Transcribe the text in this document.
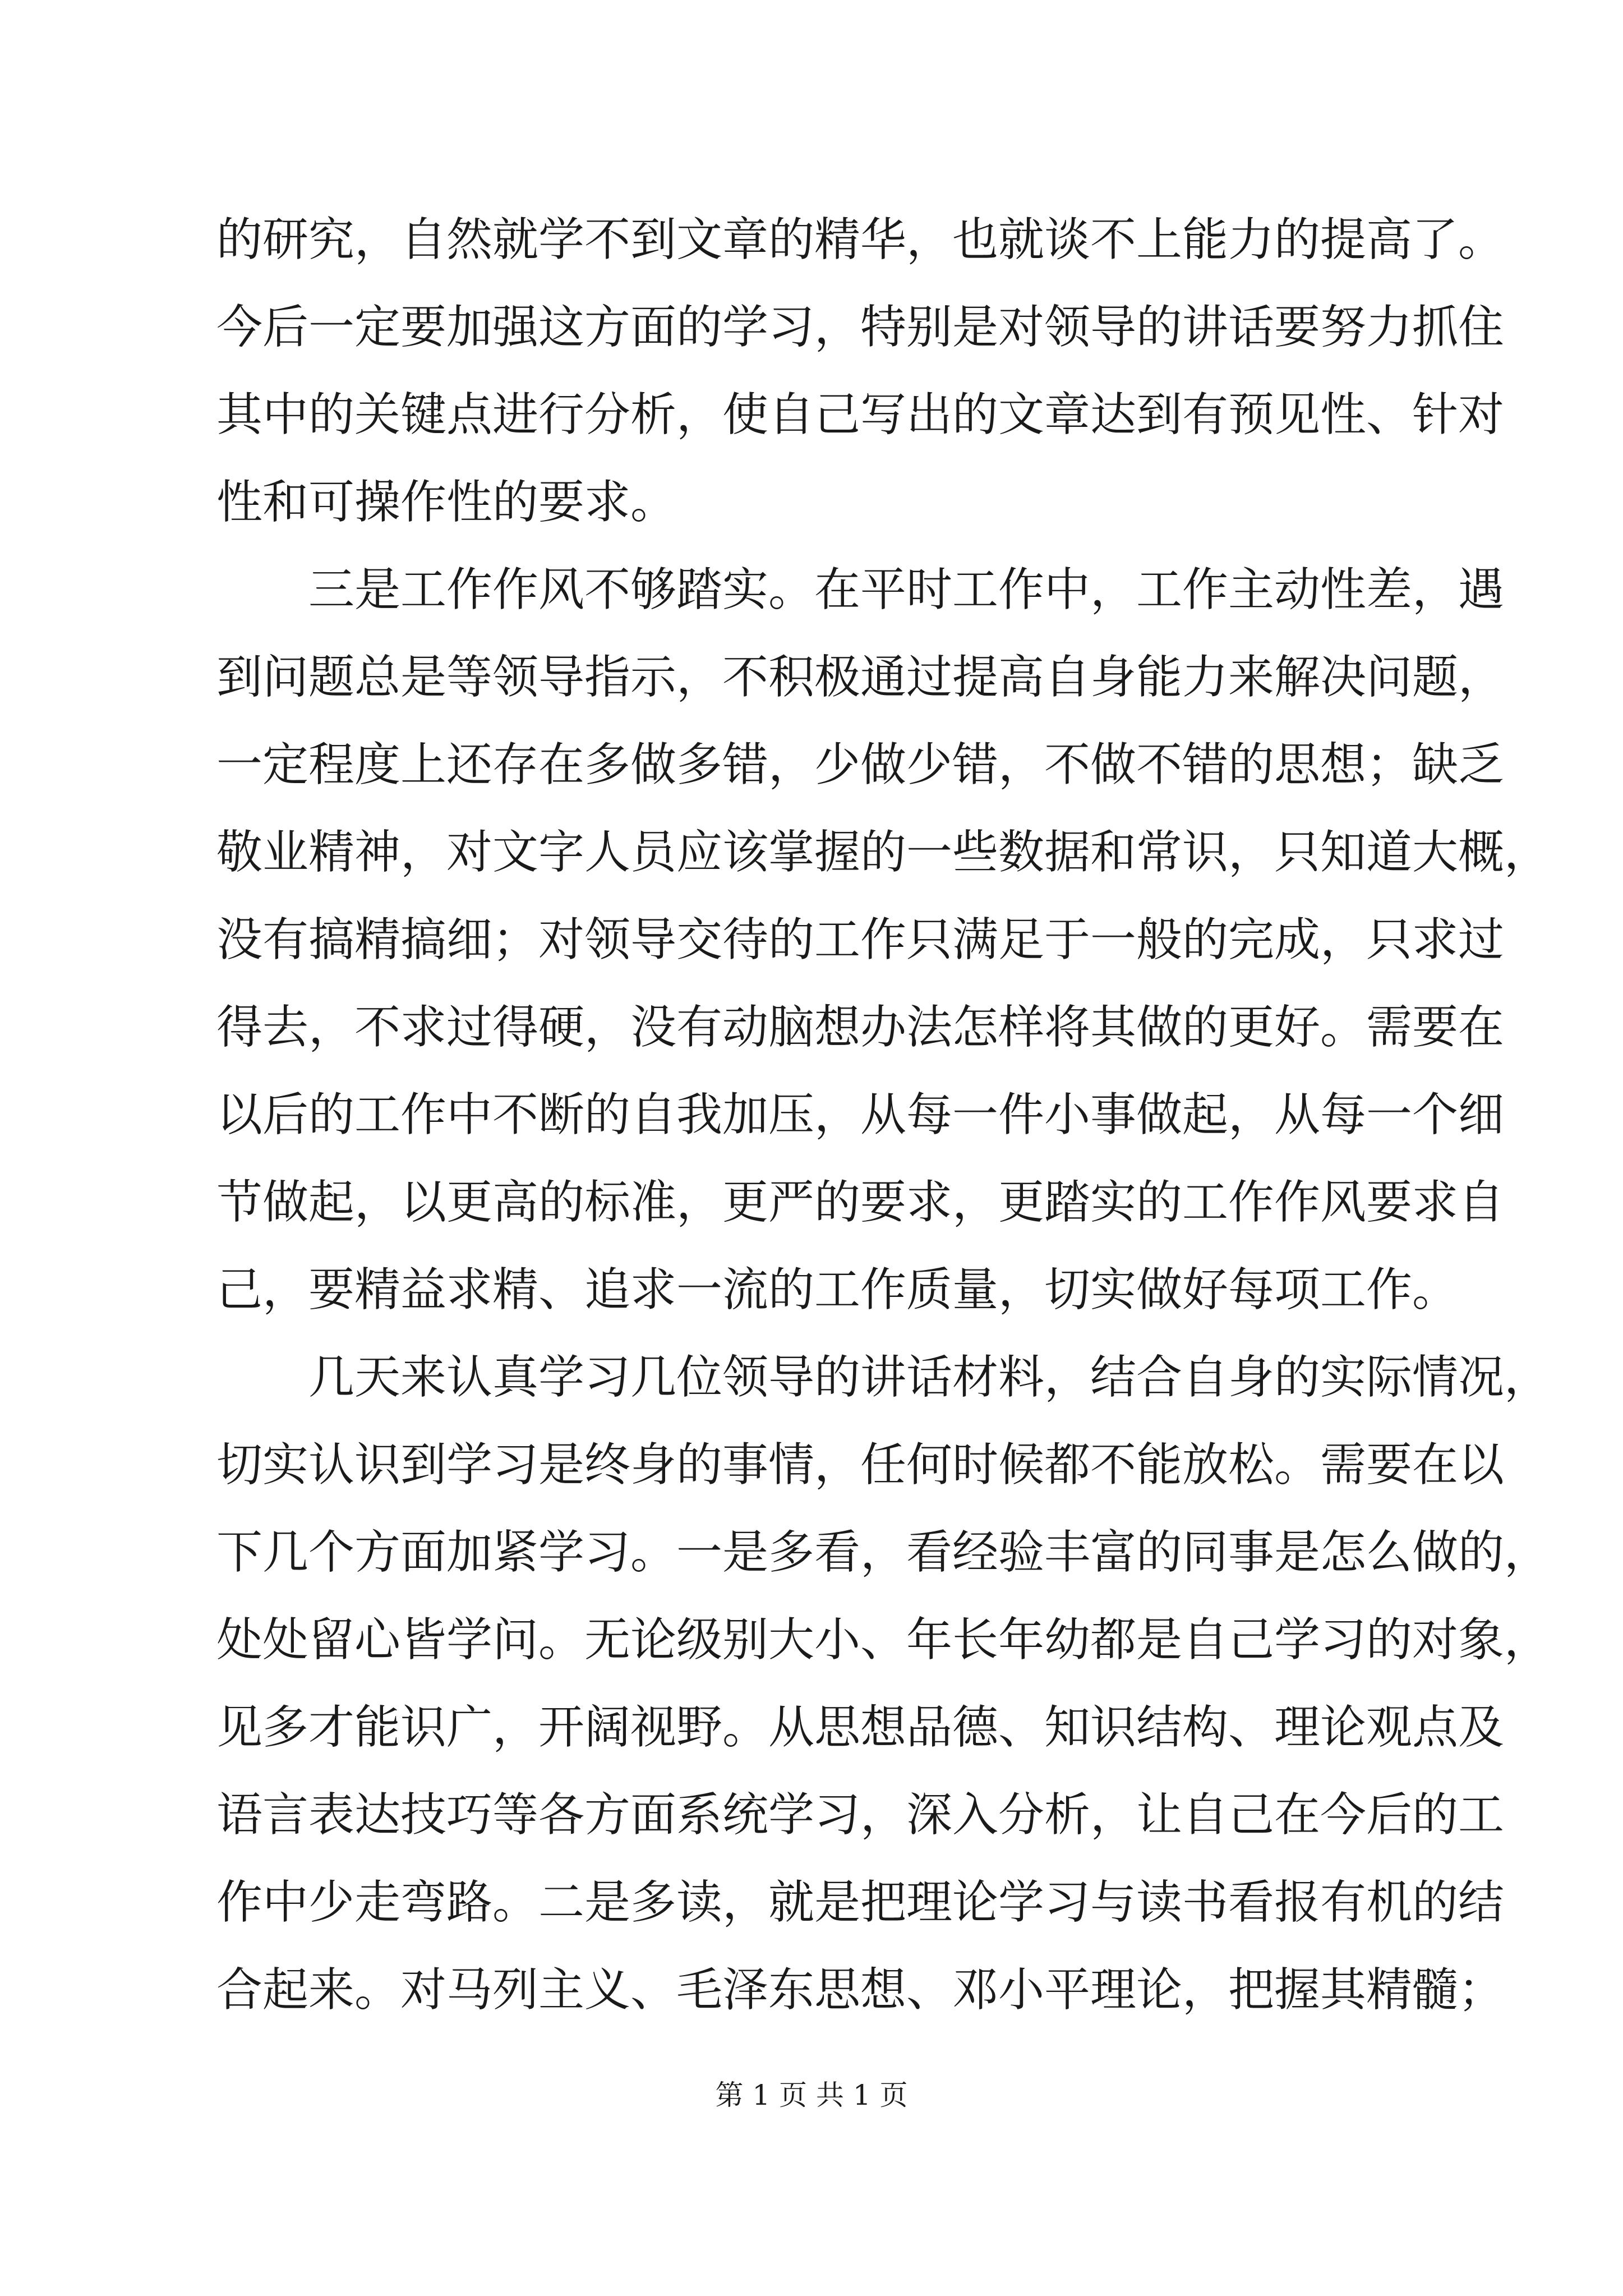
的研究，自然就学不到文章的精华，也就谈不上能力的提高了。
今后一定要加强这方面的学习，特别是对领导的讲话要努力抓住
其中的关键点进行分析，使自己写出的文章达到有预见性、针对
性和可操作性的要求。
三是工作作风不够踏实。在平时工作中，工作主动性差，遇
到问题总是等领导指示，不积极通过提高自身能力来解决问题，
一定程度上还存在多做多错，少做少错，不做不错的思想；缺乏
敬业精神，对文字人员应该掌握的一些数据和常识，只知道大概，
没有搞精搞细；对领导交待的工作只满足于一般的完成，只求过
得去，不求过得硬，没有动脑想办法怎样将其做的更好。需要在
以后的工作中不断的自我加压，从每一件小事做起，从每一个细
节做起，以更高的标准，更严的要求，更踏实的工作作风要求自
己，要精益求精、追求一流的工作质量，切实做好每项工作。
几天来认真学习几位领导的讲话材料，结合自身的实际情况，
切实认识到学习是终身的事情，任何时候都不能放松。需要在以
下几个方面加紧学习。一是多看，看经验丰富的同事是怎么做的，
处处留心皆学问。无论级别大小、年长年幼都是自己学习的对象，
见多才能识广，开阔视野。从思想品德、知识结构、理论观点及
语言表达技巧等各方面系统学习，深入分析，让自己在今后的工
作中少走弯路。二是多读，就是把理论学习与读书看报有机的结
合起来。对马列主义、毛泽东思想、邓小平理论，把握其精髓；
第 1 页 共 1 页
